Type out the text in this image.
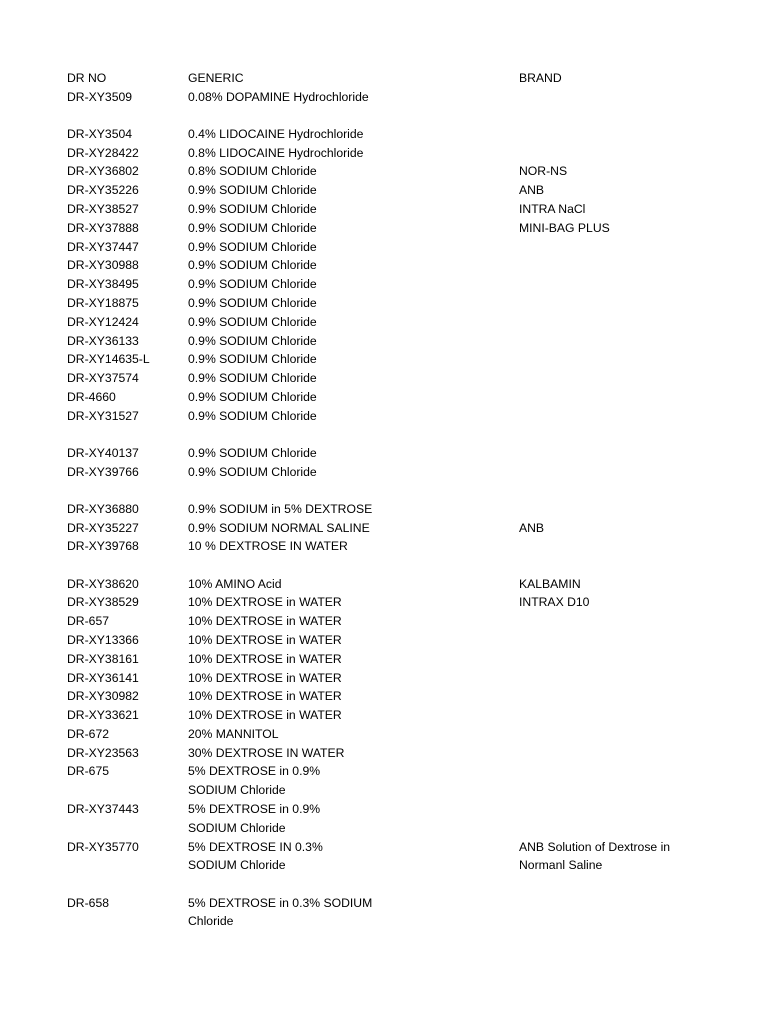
DR NO	GENERIC	BRAND
DR-XY3509	0.08% DOPAMINE Hydrochloride
DR-XY3504	0.4% LIDOCAINE Hydrochloride
DR-XY28422	0.8% LIDOCAINE Hydrochloride
DR-XY36802	0.8% SODIUM Chloride	NOR-NS
DR-XY35226	0.9% SODIUM Chloride	ANB
DR-XY38527	0.9% SODIUM Chloride	INTRA NaCl
DR-XY37888	0.9% SODIUM Chloride	MINI-BAG PLUS
DR-XY37447	0.9% SODIUM Chloride
DR-XY30988	0.9% SODIUM Chloride
DR-XY38495	0.9% SODIUM Chloride
DR-XY18875	0.9% SODIUM Chloride
DR-XY12424	0.9% SODIUM Chloride
DR-XY36133	0.9% SODIUM Chloride
DR-XY14635-L	0.9% SODIUM Chloride
DR-XY37574	0.9% SODIUM Chloride
DR-4660	0.9% SODIUM Chloride
DR-XY31527	0.9% SODIUM Chloride
DR-XY40137	0.9% SODIUM Chloride
DR-XY39766	0.9% SODIUM Chloride
DR-XY36880	0.9% SODIUM in 5% DEXTROSE
DR-XY35227	0.9% SODIUM NORMAL SALINE	ANB
DR-XY39768	10 % DEXTROSE IN WATER
DR-XY38620	10% AMINO Acid	KALBAMIN
DR-XY38529	10% DEXTROSE in WATER	INTRAX D10
DR-657	10% DEXTROSE in WATER
DR-XY13366	10% DEXTROSE in WATER
DR-XY38161	10% DEXTROSE in WATER
DR-XY36141	10% DEXTROSE in WATER
DR-XY30982	10% DEXTROSE in WATER
DR-XY33621	10% DEXTROSE in WATER
DR-672	20% MANNITOL
DR-XY23563	30% DEXTROSE IN WATER
DR-675	5% DEXTROSE in 0.9%
SODIUM Chloride
DR-XY37443	5% DEXTROSE in 0.9%
SODIUM Chloride
DR-XY35770	5% DEXTROSE IN 0.3%	ANB Solution of Dextrose in
SODIUM Chloride	Normanl Saline
DR-658	5% DEXTROSE in 0.3% SODIUM
Chloride
